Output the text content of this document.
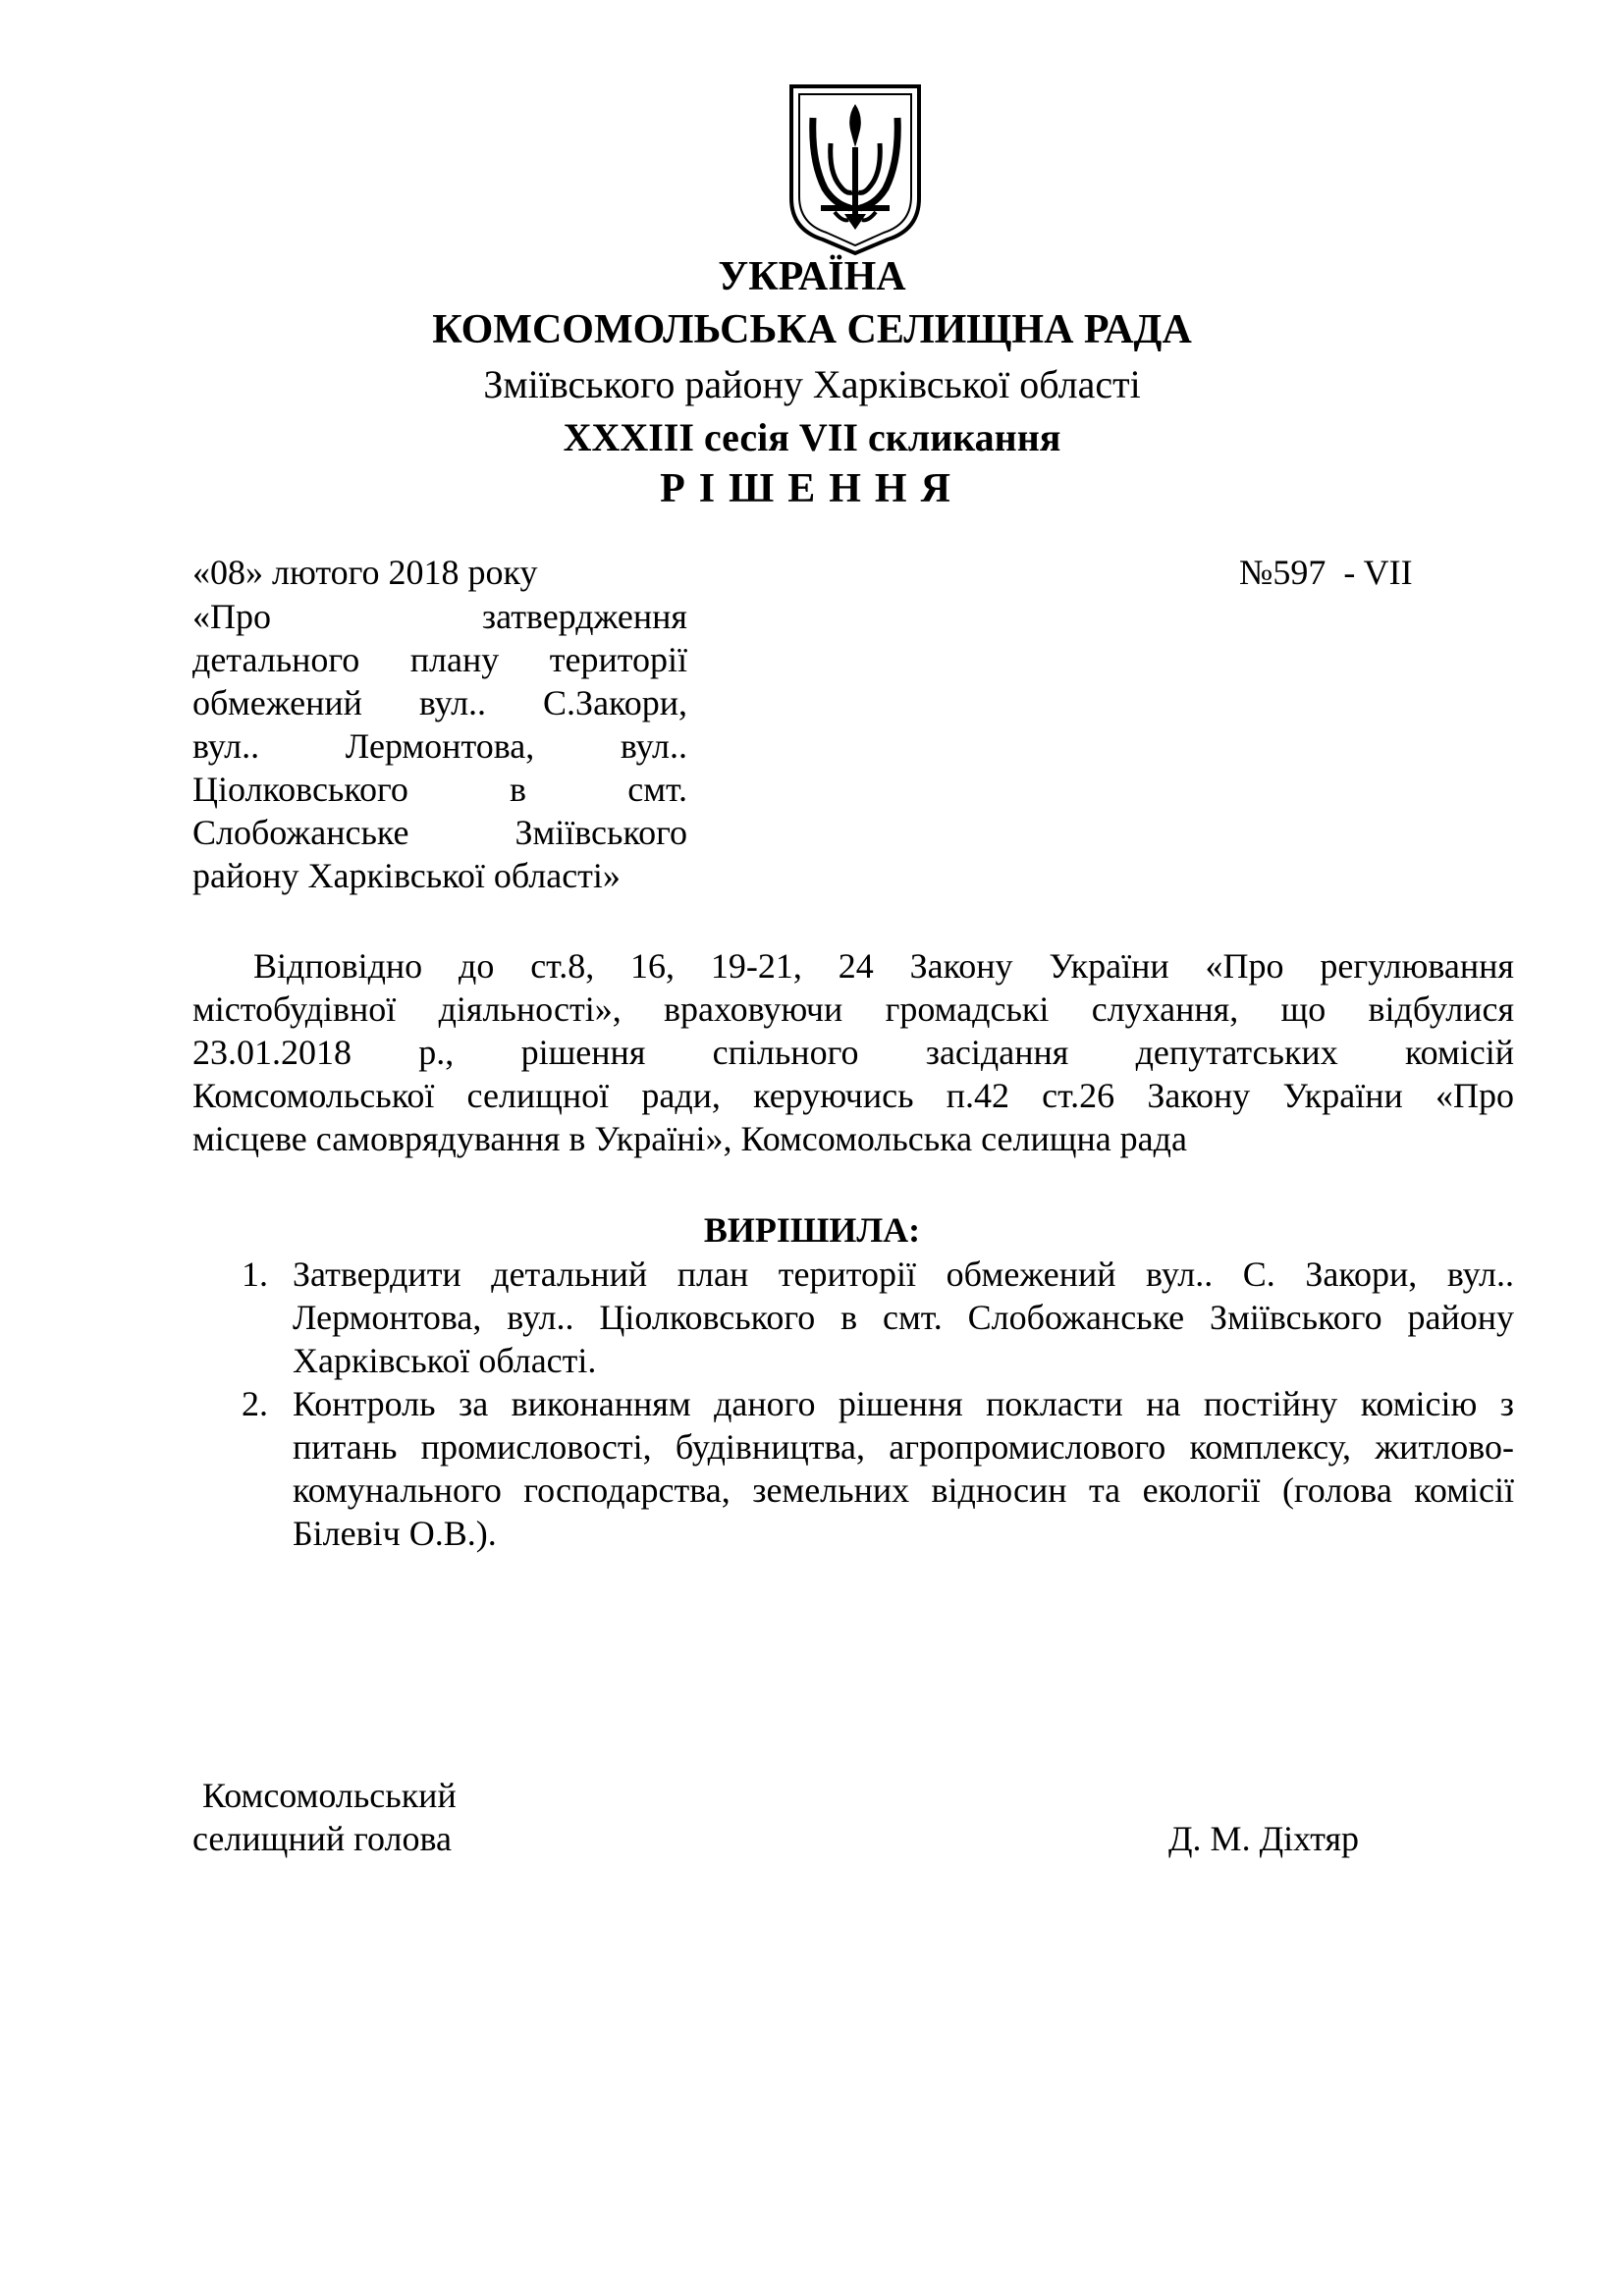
УКРАЇНА
КОМСОМОЛЬСЬКА СЕЛИЩНА РАДА
Зміївського району Харківської області
XXXIII сесія VII скликання
РІШЕННЯ
«08» лютого 2018 року	№597  - VII
«Про затвердження
детального плану території
обмежений вул.. С.Закори,
вул.. Лермонтова, вул..
Ціолковського в смт.
Слобожанське Зміївського
району Харківської області»
Відповідно до ст.8, 16, 19-21, 24 Закону України «Про регулювання
містобудівної діяльності», враховуючи громадські слухання, що відбулися
23.01.2018 р., рішення спільного засідання депутатських комісій
Комсомольської селищної ради, керуючись п.42 ст.26 Закону України «Про
місцеве самоврядування в Україні», Комсомольська селищна рада
ВИРІШИЛА:
1. Затвердити детальний план території обмежений вул.. С. Закори, вул..
Лермонтова, вул.. Ціолковського в смт. Слобожанське Зміївського району
Харківської області.
2. Контроль за виконанням даного рішення покласти на постійну комісію з
питань промисловості, будівництва, агропромислового комплексу, житлово-
комунального господарства, земельних відносин та екології (голова комісії
Білевіч О.В.).
Комсомольський
селищний голова	Д. М. Діхтяр
